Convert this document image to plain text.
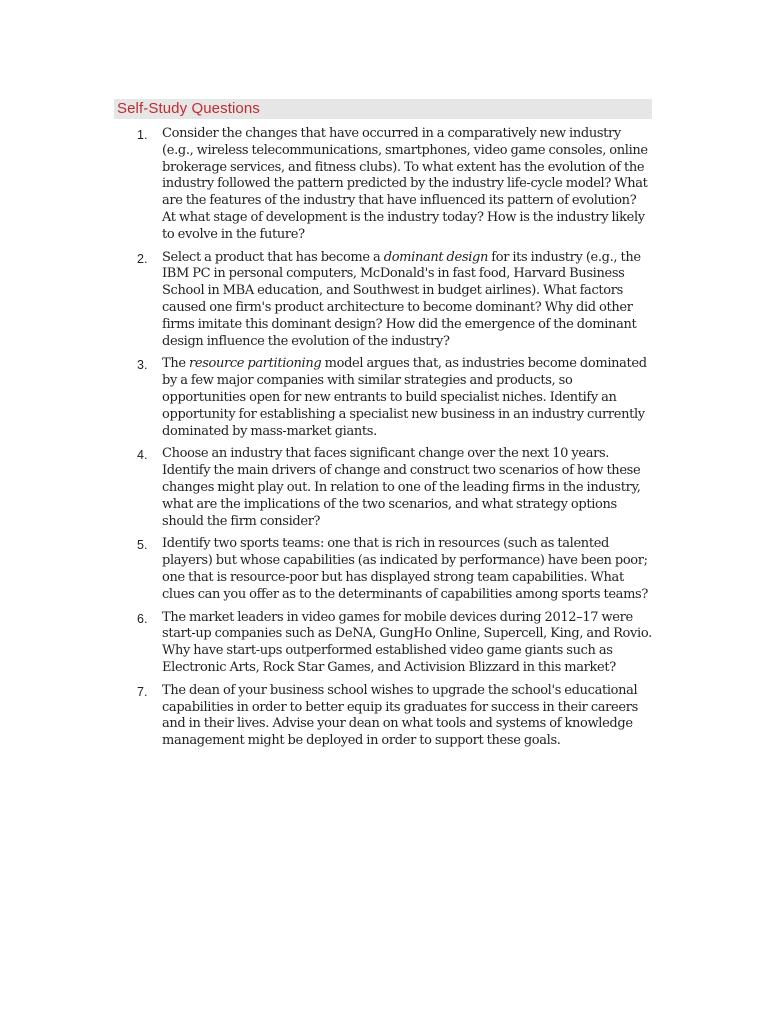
Self-Study Questions
1. Consider the changes that have occurred in a comparatively new industry (e.g., wireless telecommunications, smartphones, video game consoles, online brokerage services, and fitness clubs). To what extent has the evolution of the industry followed the pattern predicted by the industry life-cycle model? What are the features of the industry that have influenced its pattern of evolution? At what stage of development is the industry today? How is the industry likely to evolve in the future?
2. Select a product that has become a dominant design for its industry (e.g., the IBM PC in personal computers, McDonald's in fast food, Harvard Business School in MBA education, and Southwest in budget airlines). What factors caused one firm's product architecture to become dominant? Why did other firms imitate this dominant design? How did the emergence of the dominant design influence the evolution of the industry?
3. The resource partitioning model argues that, as industries become dominated by a few major companies with similar strategies and products, so opportunities open for new entrants to build specialist niches. Identify an opportunity for establishing a specialist new business in an industry currently dominated by mass-market giants.
4. Choose an industry that faces significant change over the next 10 years. Identify the main drivers of change and construct two scenarios of how these changes might play out. In relation to one of the leading firms in the industry, what are the implications of the two scenarios, and what strategy options should the firm consider?
5. Identify two sports teams: one that is rich in resources (such as talented players) but whose capabilities (as indicated by performance) have been poor; one that is resource-poor but has displayed strong team capabilities. What clues can you offer as to the determinants of capabilities among sports teams?
6. The market leaders in video games for mobile devices during 2012–17 were start-up companies such as DeNA, GungHo Online, Supercell, King, and Rovio. Why have start-ups outperformed established video game giants such as Electronic Arts, Rock Star Games, and Activision Blizzard in this market?
7. The dean of your business school wishes to upgrade the school's educational capabilities in order to better equip its graduates for success in their careers and in their lives. Advise your dean on what tools and systems of knowledge management might be deployed in order to support these goals.
